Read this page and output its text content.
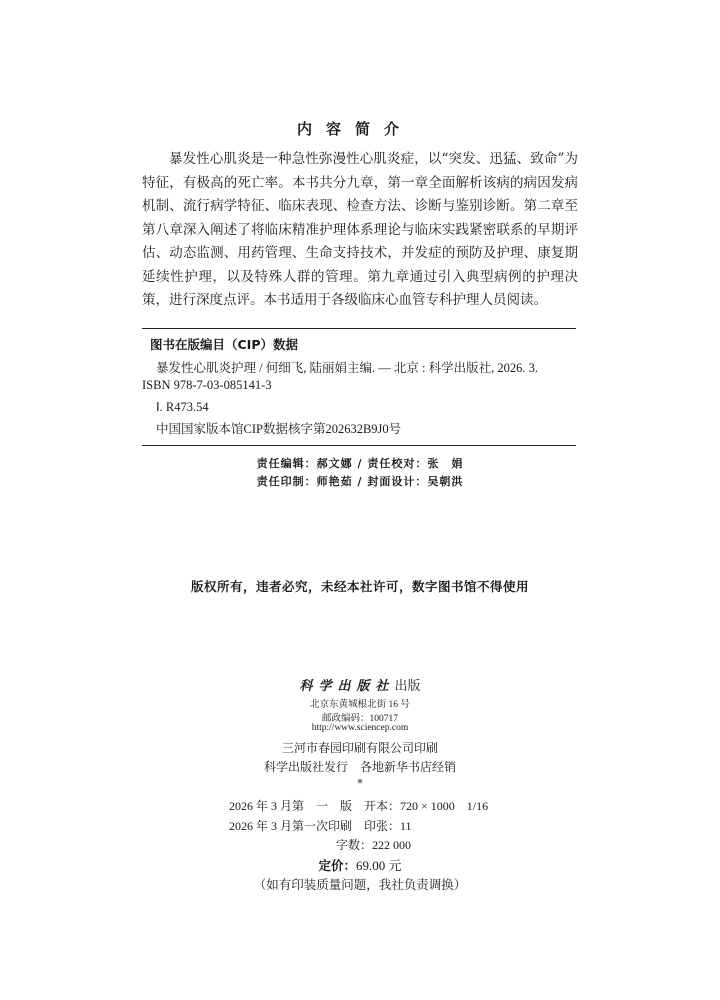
内容简介

暴发性心肌炎是一种急性弥漫性心肌炎症，以“突发、迅猛、致命”为特征，有极高的死亡率。本书共分九章，第一章全面解析该病的病因发病机制、流行病学特征、临床表现、检查方法、诊断与鉴别诊断。第二章至第八章深入阐述了将临床精准护理体系理论与临床实践紧密联系的早期评估、动态监测、用药管理、生命支持技术，并发症的预防及护理、康复期延续性护理，以及特殊人群的管理。第九章通过引入典型病例的护理决策，进行深度点评。本书适用于各级临床心血管专科护理人员阅读。

图书在版编目（CIP）数据
暴发性心肌炎护理 / 何细飞, 陆丽娟主编. — 北京 : 科学出版社, 2026. 3.
ISBN 978-7-03-085141-3
Ⅰ. R473.54
中国国家版本馆CIP数据核字第202632B9J0号
责任编辑：郝文娜 / 责任校对：张　娟
责任印制：师艳茹 / 封面设计：吴朝洪
版权所有，违者必究，未经本社许可，数字图书馆不得使用
科学出版社出版
北京东黄城根北街 16 号
邮政编码：100717
http://www.sciencep.com
三河市春园印刷有限公司印刷
科学出版社发行　各地新华书店经销
*
2026 年 3 月第　一　版　开本：720 × 1000　1/16
2026 年 3 月第一次印刷　印张：11
字数：222 000
定价：69.00 元
（如有印装质量问题，我社负责调换）
